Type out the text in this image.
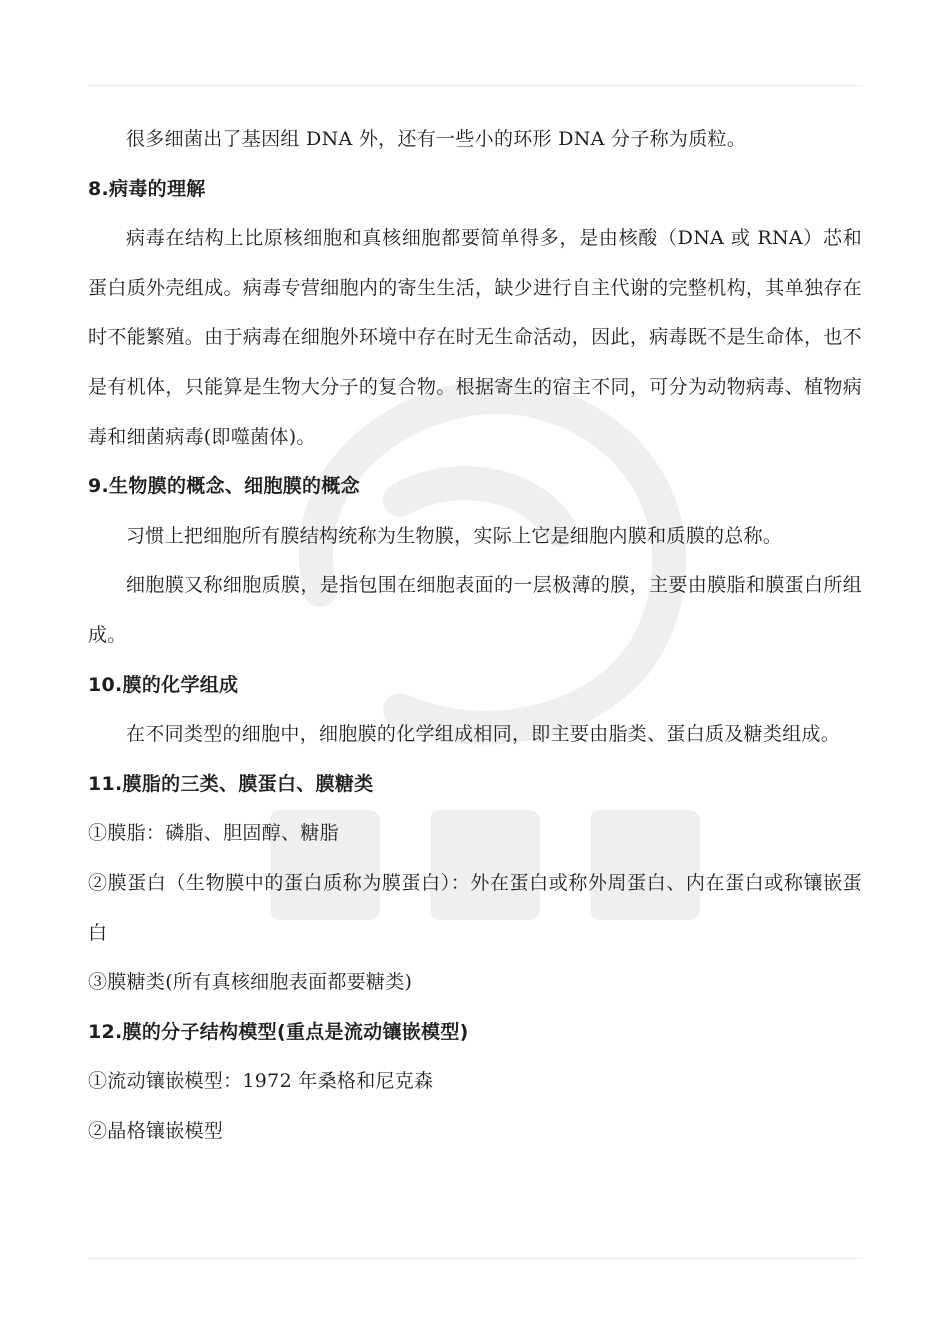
很多细菌出了基因组 DNA 外，还有一些小的环形 DNA 分子称为质粒。

8.病毒的理解

病毒在结构上比原核细胞和真核细胞都要简单得多，是由核酸（DNA 或 RNA）芯和蛋白质外壳组成。病毒专营细胞内的寄生生活，缺少进行自主代谢的完整机构，其单独存在时不能繁殖。由于病毒在细胞外环境中存在时无生命活动，因此，病毒既不是生命体，也不是有机体，只能算是生物大分子的复合物。根据寄生的宿主不同，可分为动物病毒、植物病毒和细菌病毒(即噬菌体)。

9.生物膜的概念、细胞膜的概念

习惯上把细胞所有膜结构统称为生物膜，实际上它是细胞内膜和质膜的总称。

细胞膜又称细胞质膜，是指包围在细胞表面的一层极薄的膜，主要由膜脂和膜蛋白所组成。

10.膜的化学组成

在不同类型的细胞中，细胞膜的化学组成相同，即主要由脂类、蛋白质及糖类组成。

11.膜脂的三类、膜蛋白、膜糖类

①膜脂：磷脂、胆固醇、糖脂

②膜蛋白（生物膜中的蛋白质称为膜蛋白）：外在蛋白或称外周蛋白、内在蛋白或称镶嵌蛋白

③膜糖类(所有真核细胞表面都要糖类)

12.膜的分子结构模型(重点是流动镶嵌模型)

①流动镶嵌模型：1972 年桑格和尼克森

②晶格镶嵌模型
